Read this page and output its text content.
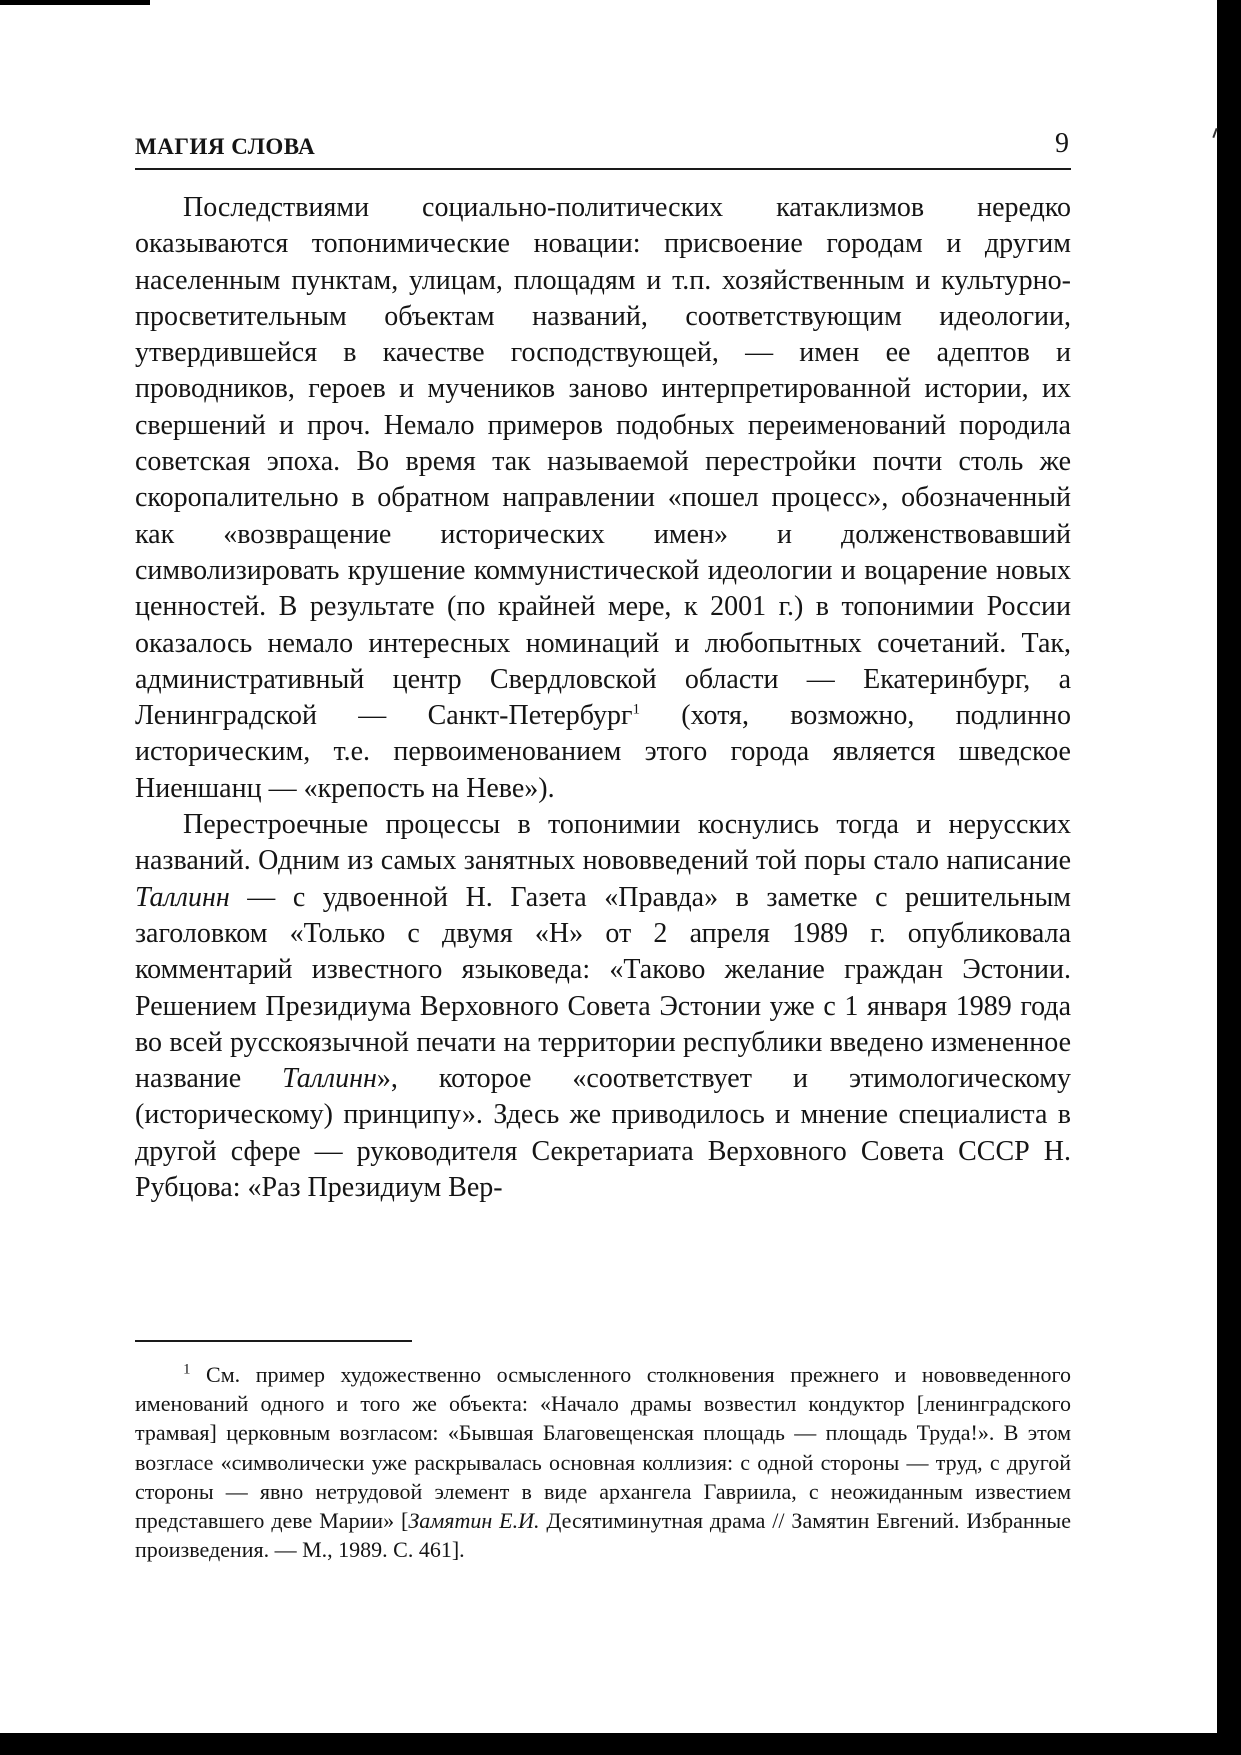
МАГИЯ СЛОВА	9

Последствиями социально-политических катаклизмов нередко оказываются топонимические новации: присвоение городам и другим населенным пунктам, улицам, площадям и т.п. хозяйственным и культурно-просветительным объектам названий, соответствующим идеологии, утвердившейся в качестве господствующей, — имен ее адептов и проводников, героев и мучеников заново интерпретированной истории, их свершений и проч. Немало примеров подобных переименований породила советская эпоха. Во время так называемой перестройки почти столь же скоропалительно в обратном направлении «пошел процесс», обозначенный как «возвращение исторических имен» и долженствовавший символизировать крушение коммунистической идеологии и воцарение новых ценностей. В результате (по крайней мере, к 2001 г.) в топонимии России оказалось немало интересных номинаций и любопытных сочетаний. Так, административный центр Свердловской области — Екатеринбург, а Ленинградской — Санкт-Петербург$^1$ (хотя, возможно, подлинно историческим, т.е. первоименованием этого города является шведское Ниеншанц — «крепость на Неве»).

Перестроечные процессы в топонимии коснулись тогда и нерусских названий. Одним из самых занятных нововведений той поры стало написание Таллинн — с удвоенной Н. Газета «Правда» в заметке с решительным заголовком «Только с двумя «Н» от 2 апреля 1989 г. опубликовала комментарий известного языковеда: «Таково желание граждан Эстонии. Решением Президиума Верховного Совета Эстонии уже с 1 января 1989 года во всей русскоязычной печати на территории республики введено измененное название Таллинн», которое «соответствует и этимологическому (историческому) принципу». Здесь же приводилось и мнение специалиста в другой сфере — руководителя Секретариата Верховного Совета СССР Н. Рубцова: «Раз Президиум Вер-

$^1$ См. пример художественно осмысленного столкновения прежнего и нововведенного именований одного и того же объекта: «Начало драмы возвестил кондуктор [ленинградского трамвая] церковным возгласом: «Бывшая Благовещенская площадь — площадь Труда!». В этом возгласе «символически уже раскрывалась основная коллизия: с одной стороны — труд, с другой стороны — явно нетрудовой элемент в виде архангела Гавриила, с неожиданным известием представшего деве Марии» [Замятин Е.И. Десятиминутная драма // Замятин Евгений. Избранные произведения. — М., 1989. С. 461].
